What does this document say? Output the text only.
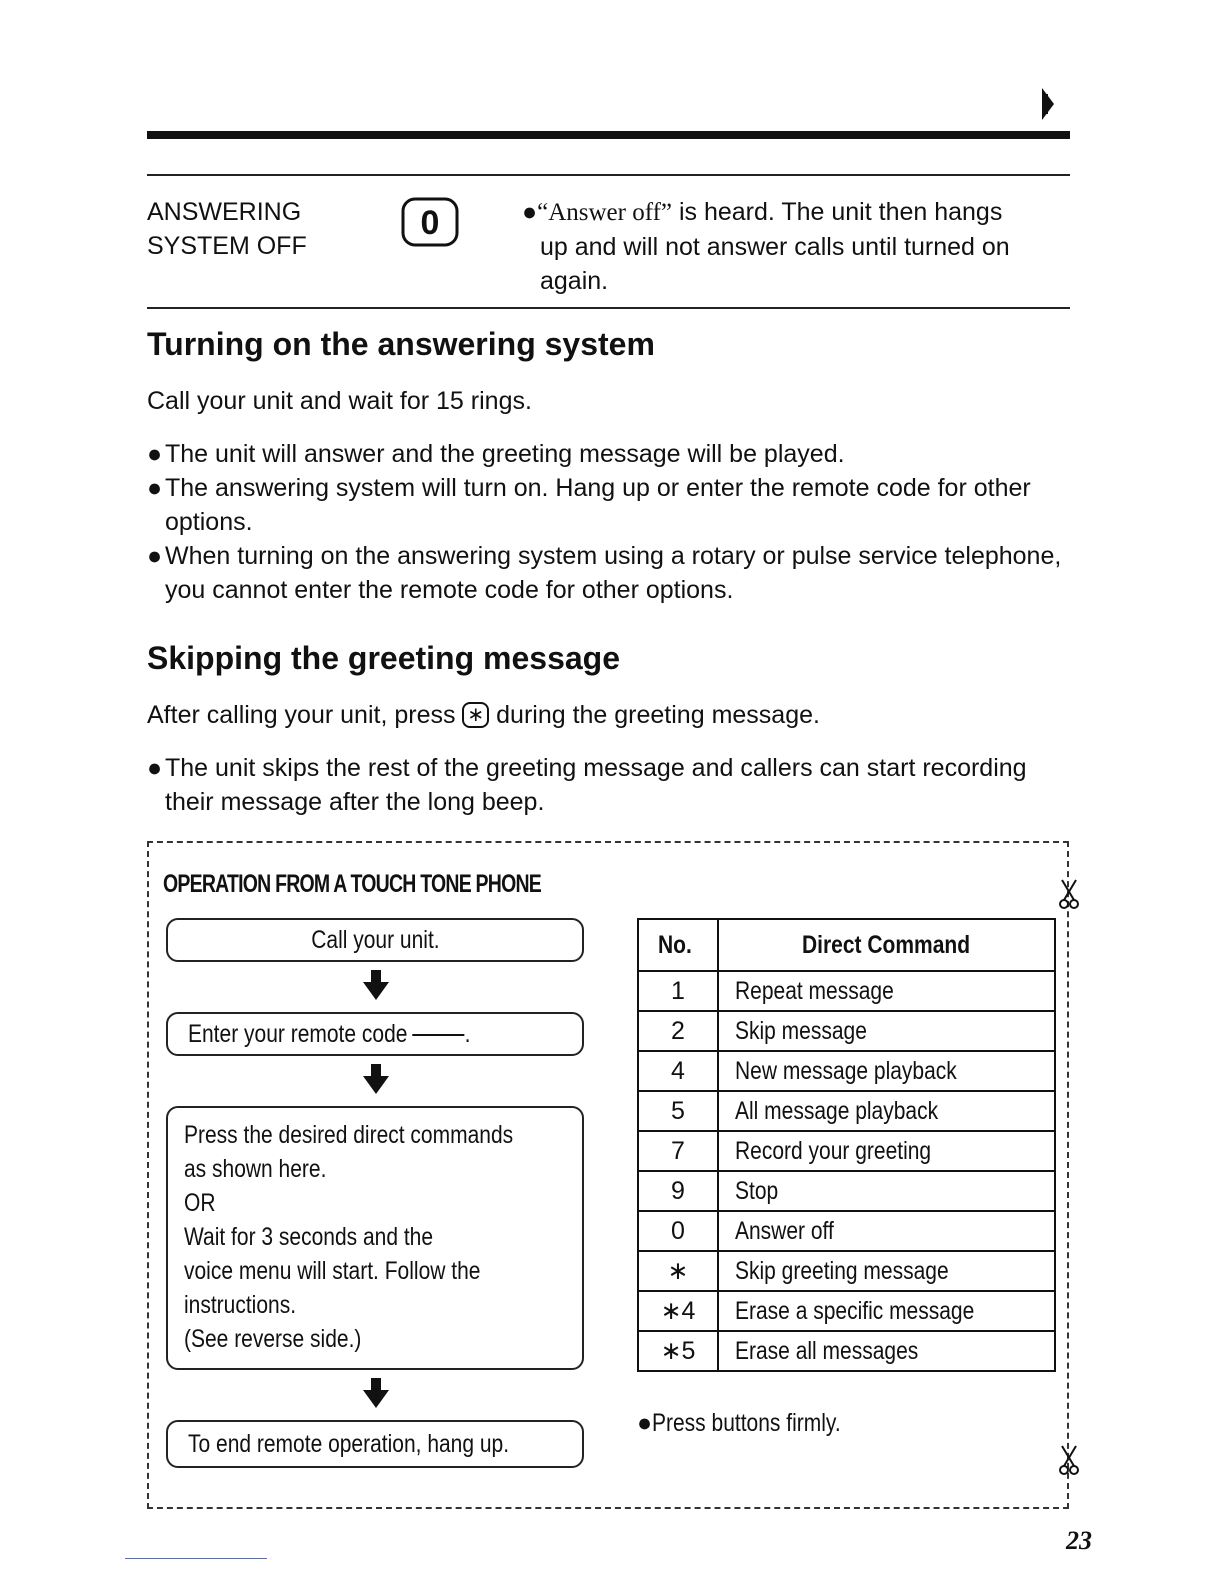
ANSWERING
SYSTEM OFF
0	●“Answer off” is heard. The unit then hangs
up and will not answer calls until turned on
again.
Turning on the answering system
Call your unit and wait for 15 rings.
● The unit will answer and the greeting message will be played.
● The answering system will turn on. Hang up or enter the remote code for other options.
● When turning on the answering system using a rotary or pulse service telephone, you cannot enter the remote code for other options.
Skipping the greeting message
After calling your unit, press ∗ during the greeting message.
● The unit skips the rest of the greeting message and callers can start recording their message after the long beep.
OPERATION FROM A TOUCH TONE PHONE
Call your unit.
Enter your remote code .
Press the desired direct commands
as shown here.
OR
Wait for 3 seconds and the
voice menu will start. Follow the
instructions.
(See reverse side.)
To end remote operation, hang up.
No.	Direct Command
1	Repeat message
2	Skip message
4	New message playback
5	All message playback
7	Record your greeting
9	Stop
0	Answer off
∗	Skip greeting message
∗4	Erase a specific message
∗5	Erase all messages
●Press buttons firmly.
23
